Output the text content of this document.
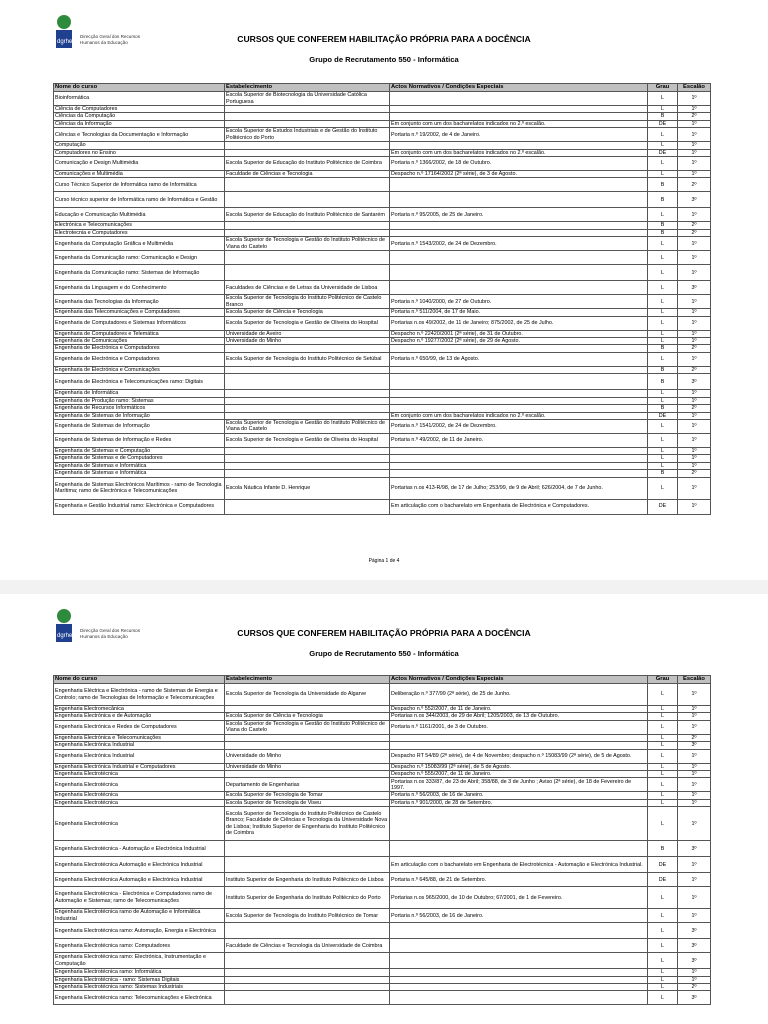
dgrhe
Direcção Geral dos Recursos
Humanos da Educação	CURSOS QUE CONFEREM HABILITAÇÃO PRÓPRIA PARA A DOCÊNCIA
Grupo de Recrutamento 550 - Informática
Nome do curso	Estabelecimento	Actos Normativos / Condições Especiais	Grau	Escalão
Bioinformática	Escola Superior de Biotecnologia da Universidade Católica Portuguesa		L	1º
Ciência de Computadores			L	1º
Ciências da Computação			B	2º
Ciências da Informação		Em conjunto com um dos bacharelatos indicados no 2.º escalão.	DE	1º
Ciências e Tecnologias da Documentação e Informação	Escola Superior de Estudos Industriais e de Gestão do Instituto Politécnico do Porto	Portaria n.º 19/2002, de 4 de Janeiro.	L	1º
Computação			L	1º
Computadores no Ensino		Em conjunto com um dos bacharelatos indicados no 2.º escalão.	DE	1º
Comunicação e Design Multimédia	Escola Superior de Educação do Instituto Politécnico de Coimbra	Portaria n.º 1366/2002, de 18 de Outubro.	L	1º
Comunicações e Multimédia	Faculdade de Ciências e Tecnologia	Despacho n.º 17164/2002 (2ª série), de 3 de Agosto.	L	1º
Curso Técnico Superior de Informática ramo de Informática			B	2º
Curso técnico superior de Informática ramo de Informática e Gestão			B	3º
Educação e Comunicação Multimédia	Escola Superior de Educação do Instituto Politécnico de Santarém	Portaria n.º 95/2005, de 25 de Janeiro.	L	1º
Electrónica e Telecomunicações			B	2º
Electrotecnia e Computadores			B	2º
Engenharia da Computação Gráfica e Multimédia	Escola Superior de Tecnologia e Gestão do Instituto Politécnico de Viana do Castelo	Portaria n.º 1543/2002, de 24 de Dezembro.	L	1º
Engenharia da Comunicação ramo: Comunicação e Design			L	1º
Engenharia da Comunicação ramo: Sistemas de Informação			L	1º
Engenharia da Linguagem e do Conhecimento	Faculdades de Ciências e de Letras da Universidade de Lisboa		L	3º
Engenharia das Tecnologias da Informação	Escola Superior de Tecnologia do Instituto Politécnico de Castelo Branco	Portaria n.º 1040/2000, de 27 de Outubro.	L	1º
Engenharia das Telecomunicações e Computadores	Escola Superior de Ciência e Tecnologia	Portaria n.º 511/2004, de 17 de Maio.	L	1º
Engenharia de Computadores e Sistemas Informáticos	Escola Superior de Tecnologia e Gestão de Oliveira do Hospital	Portarias n.os 49/2002, de 11 de Janeiro; 875/2002, de 25 de Julho.	L	1º
Engenharia de Computadores e Telemática	Universidade de Aveiro	Despacho n.º 22420/2001 (2ª série), de 31 de Outubro.	L	1º
Engenharia de Comunicações	Universidade do Minho	Despacho n.º 19277/2002 (2ª série), de 29 de Agosto.	L	1º
Engenharia de Electrónica e Computadores			B	2º
Engenharia de Electrónica e Computadores	Escola Superior de Tecnologia do Instituto Politécnico de Setúbal	Portaria n.º 650/99, de 13 de Agosto.	L	1º
Engenharia de Electrónica e Comunicações			B	2º
Engenharia de Electrónica e Telecomunicações ramo: Digitais			B	3º
Engenharia de Informática			L	1º
Engenharia de Produção ramo: Sistemas			L	1º
Engenharia de Recursos Informáticos			B	2º
Engenharia de Sistemas de Informação		Em conjunto com um dos bacharelatos indicados no 2.º escalão.	DE	1º
Engenharia de Sistemas de Informação	Escola Superior de Tecnologia e Gestão do Instituto Politécnico de Viana do Castelo	Portaria n.º 1541/2002, de 24 de Dezembro.	L	1º
Engenharia de Sistemas de Informação e Redes	Escola Superior de Tecnologia e Gestão de Oliveira do Hospital	Portaria n.º 49/2002, de 11 de Janeiro.	L	1º
Engenharia de Sistemas e Computação			L	1º
Engenharia de Sistemas e de Computadores			L	1º
Engenharia de Sistemas e Informática			L	1º
Engenharia de Sistemas e Informática			B	2º
Engenharia de Sistemas Electrónicos Marítimos - ramo de Tecnologia Marítima; ramo de Electrónica e Telecomunicações	Escola Náutica Infante D. Henrique	Portarias n.os 413-R/98, de 17 de Julho; 253/99, de 9 de Abril; 626/2004, de 7 de Junho.	L	1º
Engenharia e Gestão Industrial ramo: Electrónica e Computadores		Em articulação com o bacharelato em Engenharia de Electrónica e Computadores.	DE	1º
Página 1 de 4
dgrhe
Direcção Geral dos Recursos
Humanos da Educação	CURSOS QUE CONFEREM HABILITAÇÃO PRÓPRIA PARA A DOCÊNCIA
Grupo de Recrutamento 550 - Informática
Nome do curso	Estabelecimento	Actos Normativos / Condições Especiais	Grau	Escalão
Engenharia Eléctrica e Electrónica - ramo de Sistemas de Energia e Controlo; ramo de Tecnologias de Informação e Telecomunicações	Escola Superior de Tecnologia da Universidade do Algarve	Deliberação n.º 377/99 (2ª série), de 25 de Junho.	L	1º
Engenharia Electromecânica		Despacho n.º 552/2007, de 11 de Janeiro.	L	1º
Engenharia Electrónica e de Automação	Escola Superior de Ciência e Tecnologia	Portarias n.os 344/2003, de 29 de Abril; 1205/2003, de 13 de Outubro.	L	1º
Engenharia Electrónica e Redes de Computadores	Escola Superior de Tecnologia e Gestão do Instituto Politécnico de Viana do Castelo	Portaria n.º 1161/2001, de 3 de Outubro.	L	1º
Engenharia Electrónica e Telecomunicações			L	2º
Engenharia Electrónica Industrial			L	3º
Engenharia Electrónica Industrial	Universidade do Minho	Despacho RT 54/89 (2ª série), de 4 de Novembro; despacho n.º 15083/99 (2ª série), de 5 de Agosto.	L	1º
Engenharia Electrónica Industrial e Computadores	Universidade do Minho	Despacho n.º 15083/99 (2ª série), de 5 de Agosto.	L	1º
Engenharia Electrotécnica		Despacho n.º 555/2007, de 11 de Janeiro.	L	1º
Engenharia Electrotécnica	Departamento de Engenharias	Portarias n.os 333/87, de 23 de Abril; 358/88, de 3 de Junho ; Aviso (2ª série), de 18 de Fevereiro de 1997.	L	1º
Engenharia Electrotécnica	Escola Superior de Tecnologia de Tomar	Portaria n.º 56/2003, de 16 de Janeiro.	L	1º
Engenharia Electrotécnica	Escola Superior de Tecnologia de Viseu	Portaria n.º 901/2000, de 28 de Setembro.	L	1º
Engenharia Electrotécnica	Escola Superior de Tecnologia do Instituto Politécnico de Castelo Branco; Faculdade de Ciências e Tecnologia da Universidade Nova de Lisboa; Instituto Superior de Engenharia do Instituto Politécnico de Coimbra		L	1º
Engenharia Electrotécnica - Automação e Electrónica Industrial			B	3º
Engenharia Electrotécnica Automação e Electrónica Industrial		Em articulação com o bacharelato em Engenharia de Electrotécnica - Automação e Electrónica Industrial.	DE	1º
Engenharia Electrotécnica Automação e Electrónica Industrial	Instituto Superior de Engenharia do Instituto Politécnico de Lisboa	Portaria n.º 645/88, de 21 de Setembro.	DE	1º
Engenharia Electrotécnica - Electrónica e Computadores ramo de Automação e Sistemas; ramo de Telecomunicações	Instituto Superior de Engenharia do Instituto Politécnico do Porto	Portarias n.os 965/2000, de 10 de Outubro; 67/2001, de 1 de Fevereiro.	L	1º
Engenharia Electrotécnica ramo de Automação e Informática Industrial	Escola Superior de Tecnologia do Instituto Politécnico de Tomar	Portaria n.º 56/2003, de 16 de Janeiro.	L	1º
Engenharia Electrotécnica ramo: Automação, Energia e Electrónica			L	3º
Engenharia Electrotécnica ramo: Computadores	Faculdade de Ciências e Tecnologia da Universidade de Coimbra		L	3º
Engenharia Electrotécnica ramo: Electrónica, Instrumentação e Computação			L	3º
Engenharia Electrotécnica ramo: Informática			L	1º
Engenharia Electrotécnica - ramo: Sistemas Digitais			L	1º
Engenharia Electrotécnica ramo: Sistemas Industriais			L	2º
Engenharia Electrotécnica ramo: Telecomunicações e Electrónica			L	3º
